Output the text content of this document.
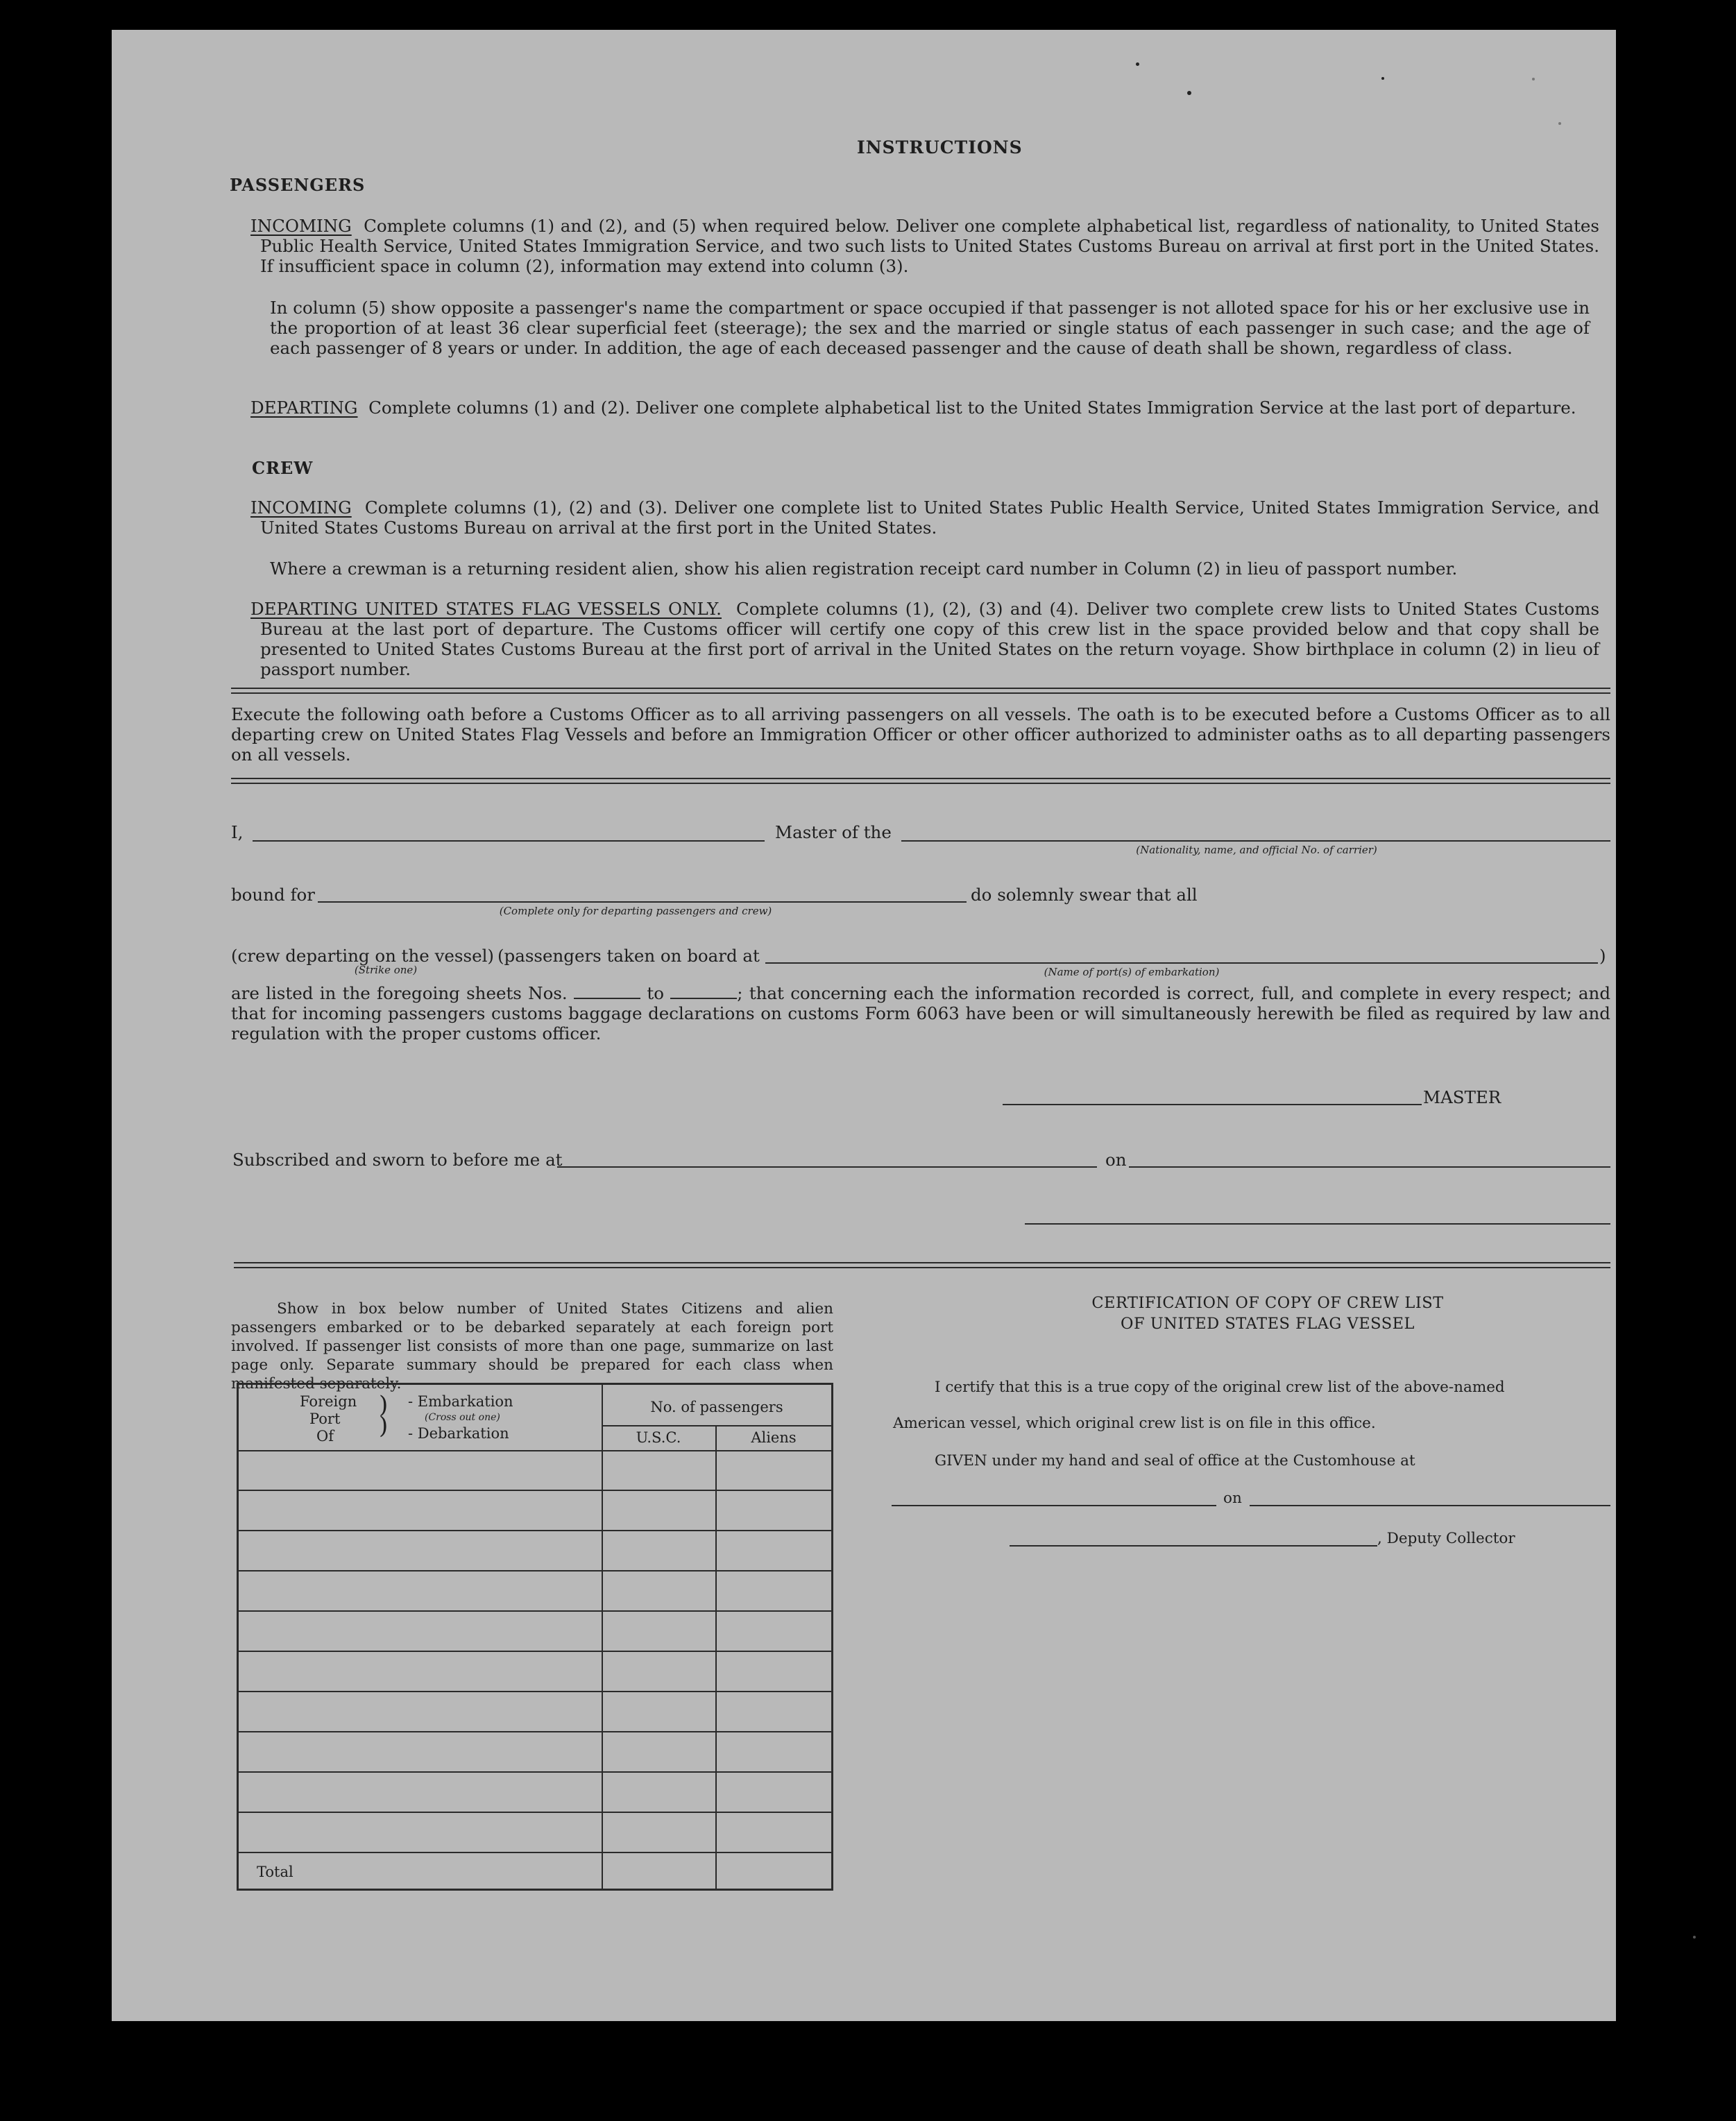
INSTRUCTIONS
PASSENGERS
INCOMING Complete columns (1) and (2), and (5) when required below. Deliver one complete alphabetical list, regardless of nationality, to United States Public Health Service, United States Immigration Service, and two such lists to United States Customs Bureau on arrival at first port in the United States. If insufficient space in column (2), information may extend into column (3).
In column (5) show opposite a passenger's name the compartment or space occupied if that passenger is not alloted space for his or her exclusive use in the proportion of at least 36 clear superficial feet (steerage); the sex and the married or single status of each passenger in such case; and the age of each passenger of 8 years or under. In addition, the age of each deceased passenger and the cause of death shall be shown, regardless of class.
DEPARTING Complete columns (1) and (2). Deliver one complete alphabetical list to the United States Immigration Service at the last port of departure.
CREW
INCOMING Complete columns (1), (2) and (3). Deliver one complete list to United States Public Health Service, United States Immigration Service, and United States Customs Bureau on arrival at the first port in the United States.
Where a crewman is a returning resident alien, show his alien registration receipt card number in Column (2) in lieu of passport number.
DEPARTING UNITED STATES FLAG VESSELS ONLY. Complete columns (1), (2), (3) and (4). Deliver two complete crew lists to United States Customs Bureau at the last port of departure. The Customs officer will certify one copy of this crew list in the space provided below and that copy shall be presented to United States Customs Bureau at the first port of arrival in the United States on the return voyage. Show birthplace in column (2) in lieu of passport number.
Execute the following oath before a Customs Officer as to all arriving passengers on all vessels. The oath is to be executed before a Customs Officer as to all departing crew on United States Flag Vessels and before an Immigration Officer or other officer authorized to administer oaths as to all departing passengers on all vessels.
I,	Master of the
(Nationality, name, and official No. of carrier)
bound for
(Complete only for departing passengers and crew)
do solemnly swear that all
(crew departing on the vessel)
(Strike one)
(passengers taken on board at
(Name of port(s) of embarkation)
)
are listed in the foregoing sheets Nos.	to	; that concerning each the information recorded is correct, full, and complete in every respect; and that for incoming passengers customs baggage declarations on customs Form 6063 have been or will simultaneously herewith be filed as required by law and regulation with the proper customs officer.
MASTER
Subscribed and sworn to before me at	on
Show in box below number of United States Citizens and alien passengers embarked or to be debarked separately at each foreign port involved. If passenger list consists of more than one page, summarize on last page only. Separate summary should be prepared for each class when manifested separately.
Foreign
Port
Of
)
)
- Embarkation
(Cross out one)
- Debarkation
No. of passengers
U.S.C.	Aliens
Total
CERTIFICATION OF COPY OF CREW LIST
OF UNITED STATES FLAG VESSEL
I certify that this is a true copy of the original crew list of the above-named
American vessel, which original crew list is on file in this office.
GIVEN under my hand and seal of office at the Customhouse at
on
, Deputy Collector
